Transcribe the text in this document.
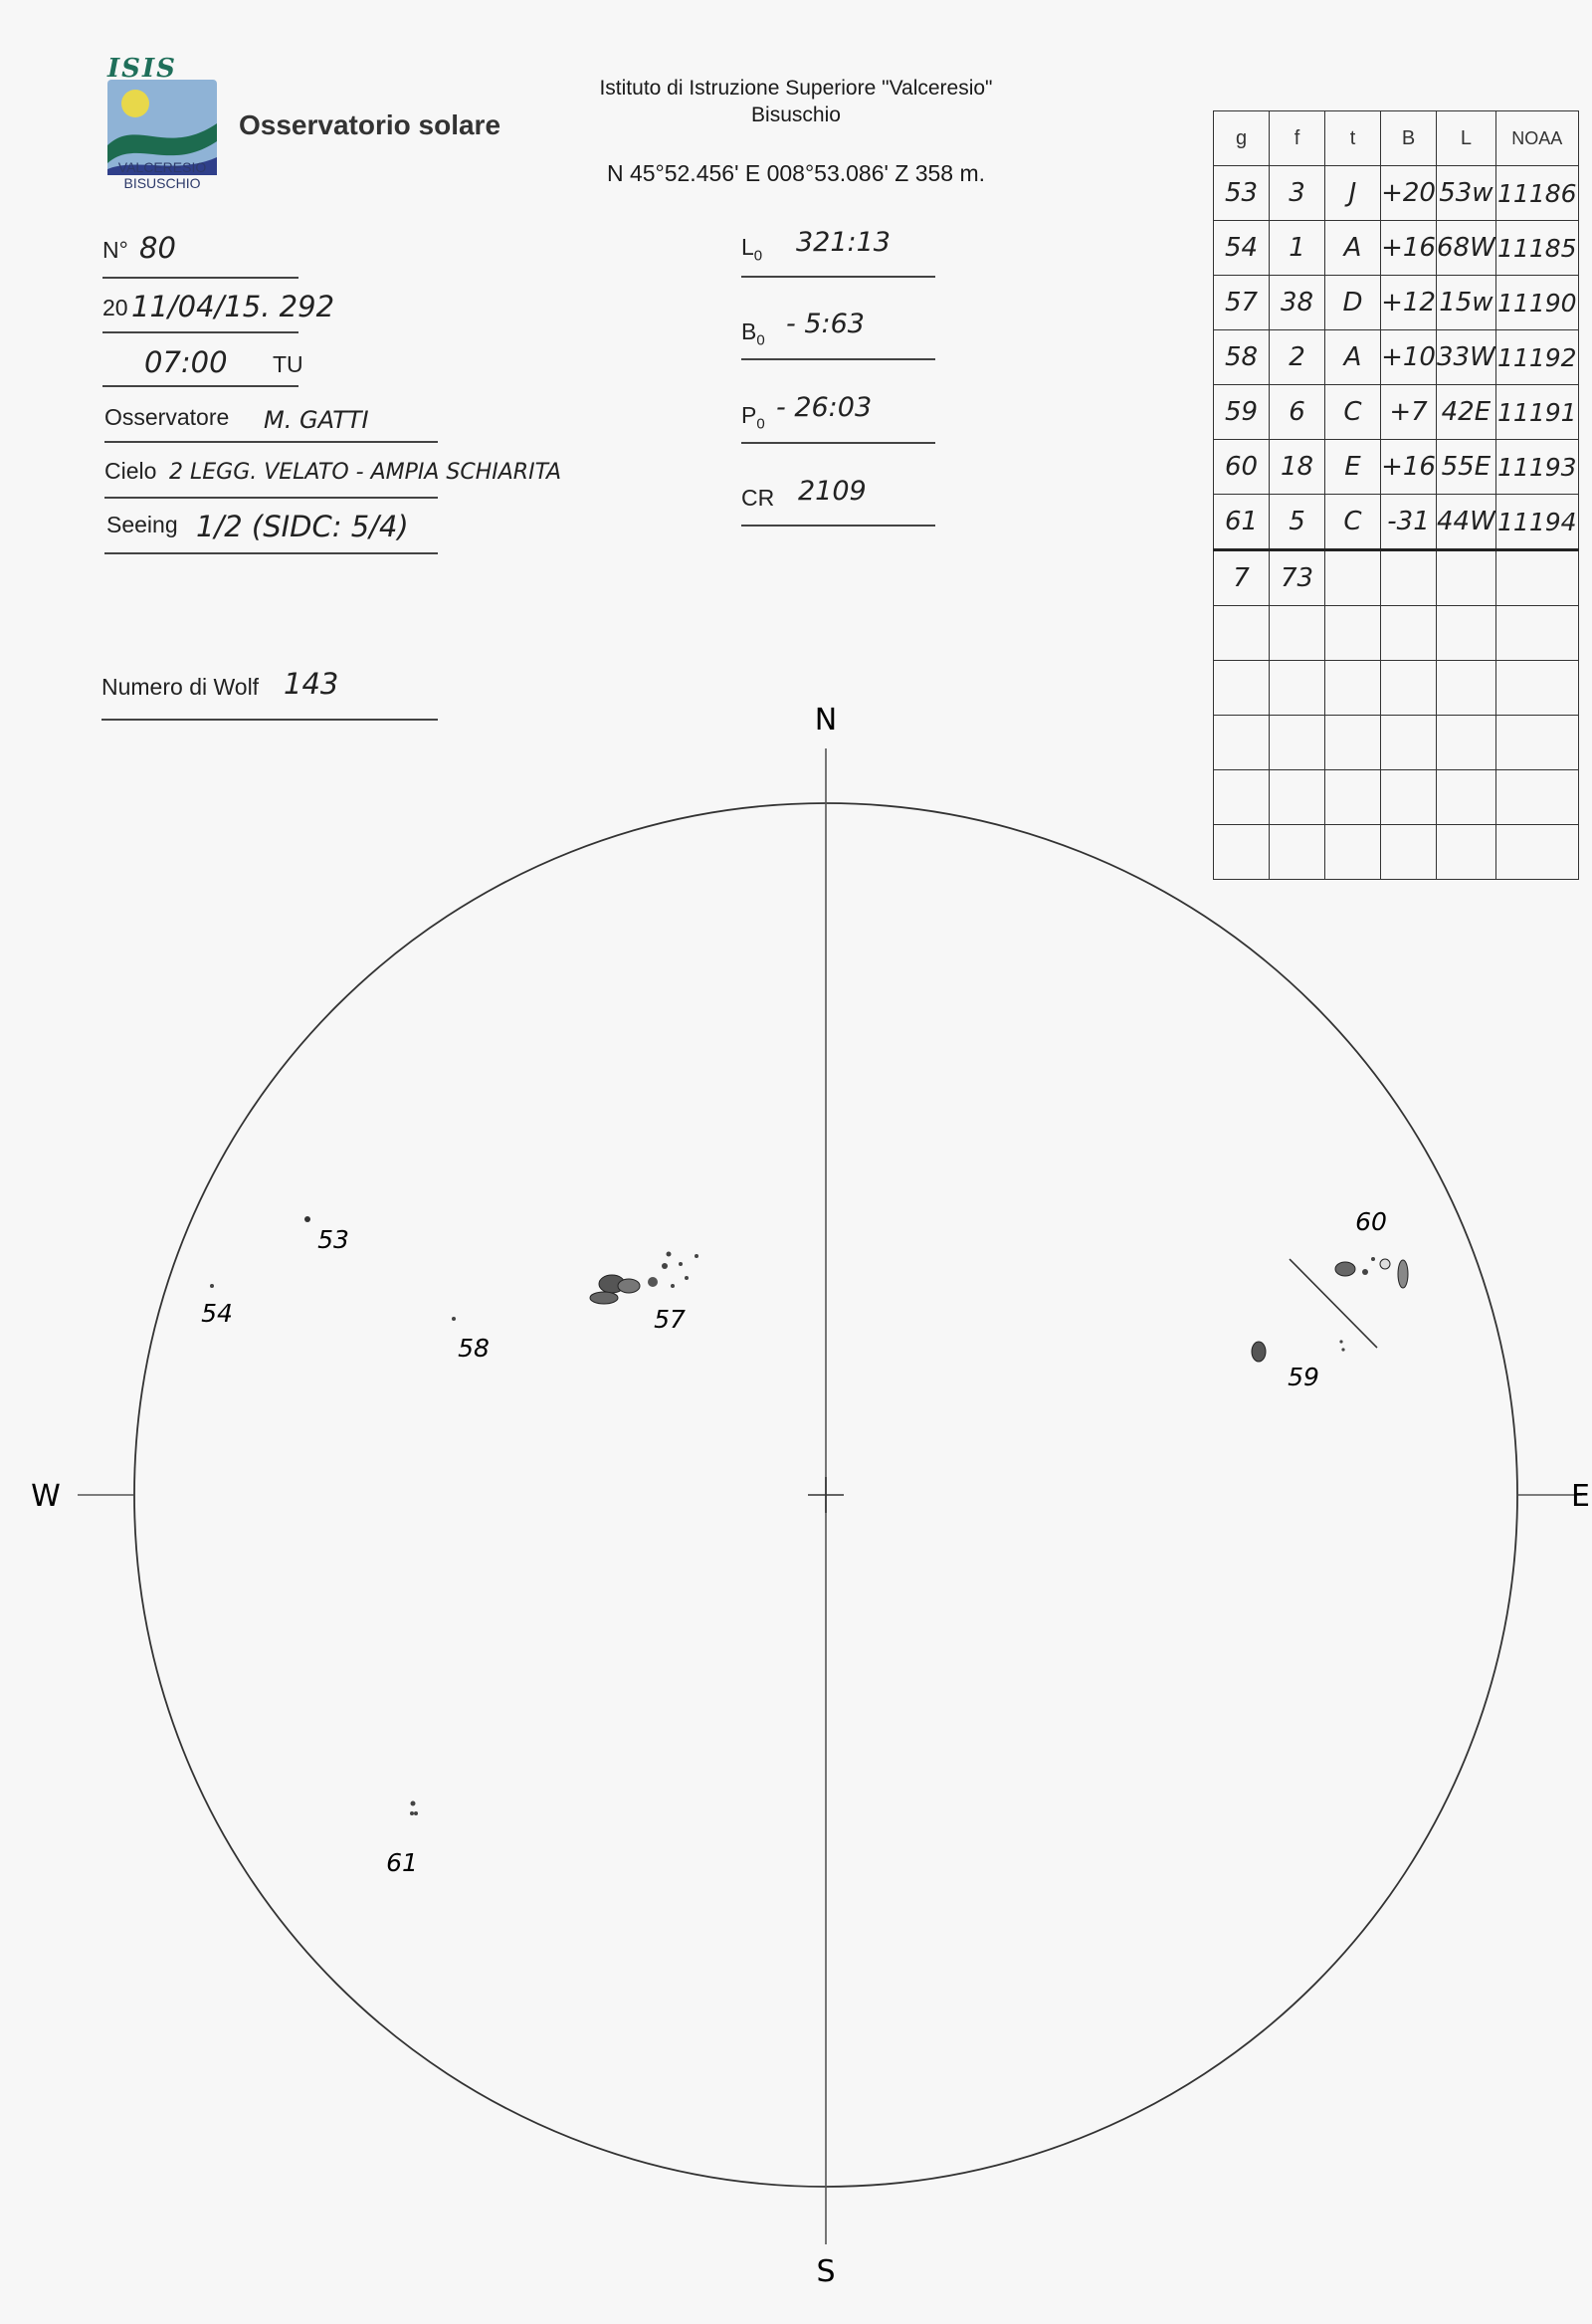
ISIS
VALCERESIO
BISUSCHIO
Osservatorio solare
Istituto di Istruzione Superiore "Valceresio"
Bisuschio
N 45°52.456' E 008°53.086' Z 358 m.
N° 80
20 11/04/15. 292
07:00 TU
Osservatore M. GATTI
Cielo 2 LEGG. VELATO - AMPIA SCHIARITA
Seeing 1/2 (SIDC: 5/4)
Numero di Wolf 143
$L_0$ 321:13
$B_0$
- 5:63
$P_0$
- 26:03
CR 2109
g	f	t	B	L	NOAA
53	3	J	+20	53w	11186
54	1	A	+16	68W	11185
57	38	D	+12	15w	11190
58	2	A	+10	33W	11192
59	6	C	+7	42E	11191
60	18	E	+16	55E	11193
61	5	C	-31	44W	11194
7	73				

N
S
W	E
53
54	57
58
59
60
61
